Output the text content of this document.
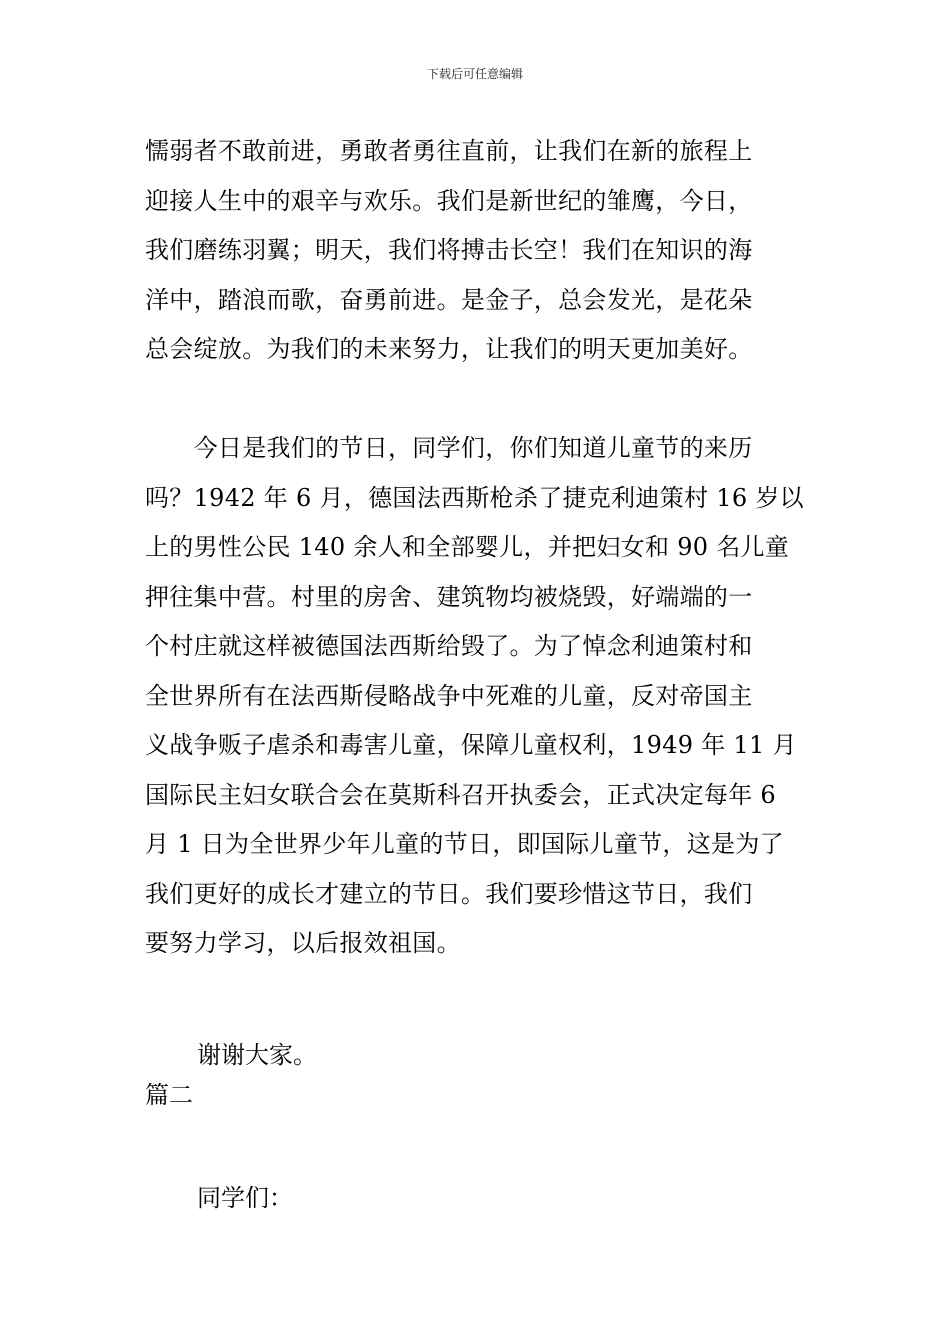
下载后可任意编辑
懦弱者不敢前进，勇敢者勇往直前，让我们在新的旅程上
迎接人生中的艰辛与欢乐。我们是新世纪的雏鹰，今日，
我们磨练羽翼；明天，我们将搏击长空！我们在知识的海
洋中，踏浪而歌，奋勇前进。是金子，总会发光，是花朵
总会绽放。为我们的未来努力，让我们的明天更加美好。
　　今日是我们的节日，同学们，你们知道儿童节的来历
吗？1942 年 6 月，德国法西斯枪杀了捷克利迪策村 16 岁以
上的男性公民 140 余人和全部婴儿，并把妇女和 90 名儿童
押往集中营。村里的房舍、建筑物均被烧毁，好端端的一
个村庄就这样被德国法西斯给毁了。为了悼念利迪策村和
全世界所有在法西斯侵略战争中死难的儿童，反对帝国主
义战争贩子虐杀和毒害儿童，保障儿童权利，1949 年 11 月
国际民主妇女联合会在莫斯科召开执委会，正式决定每年 6
月 1 日为全世界少年儿童的节日，即国际儿童节，这是为了
我们更好的成长才建立的节日。我们要珍惜这节日，我们
要努力学习，以后报效祖国。
谢谢大家。
篇二
同学们：
